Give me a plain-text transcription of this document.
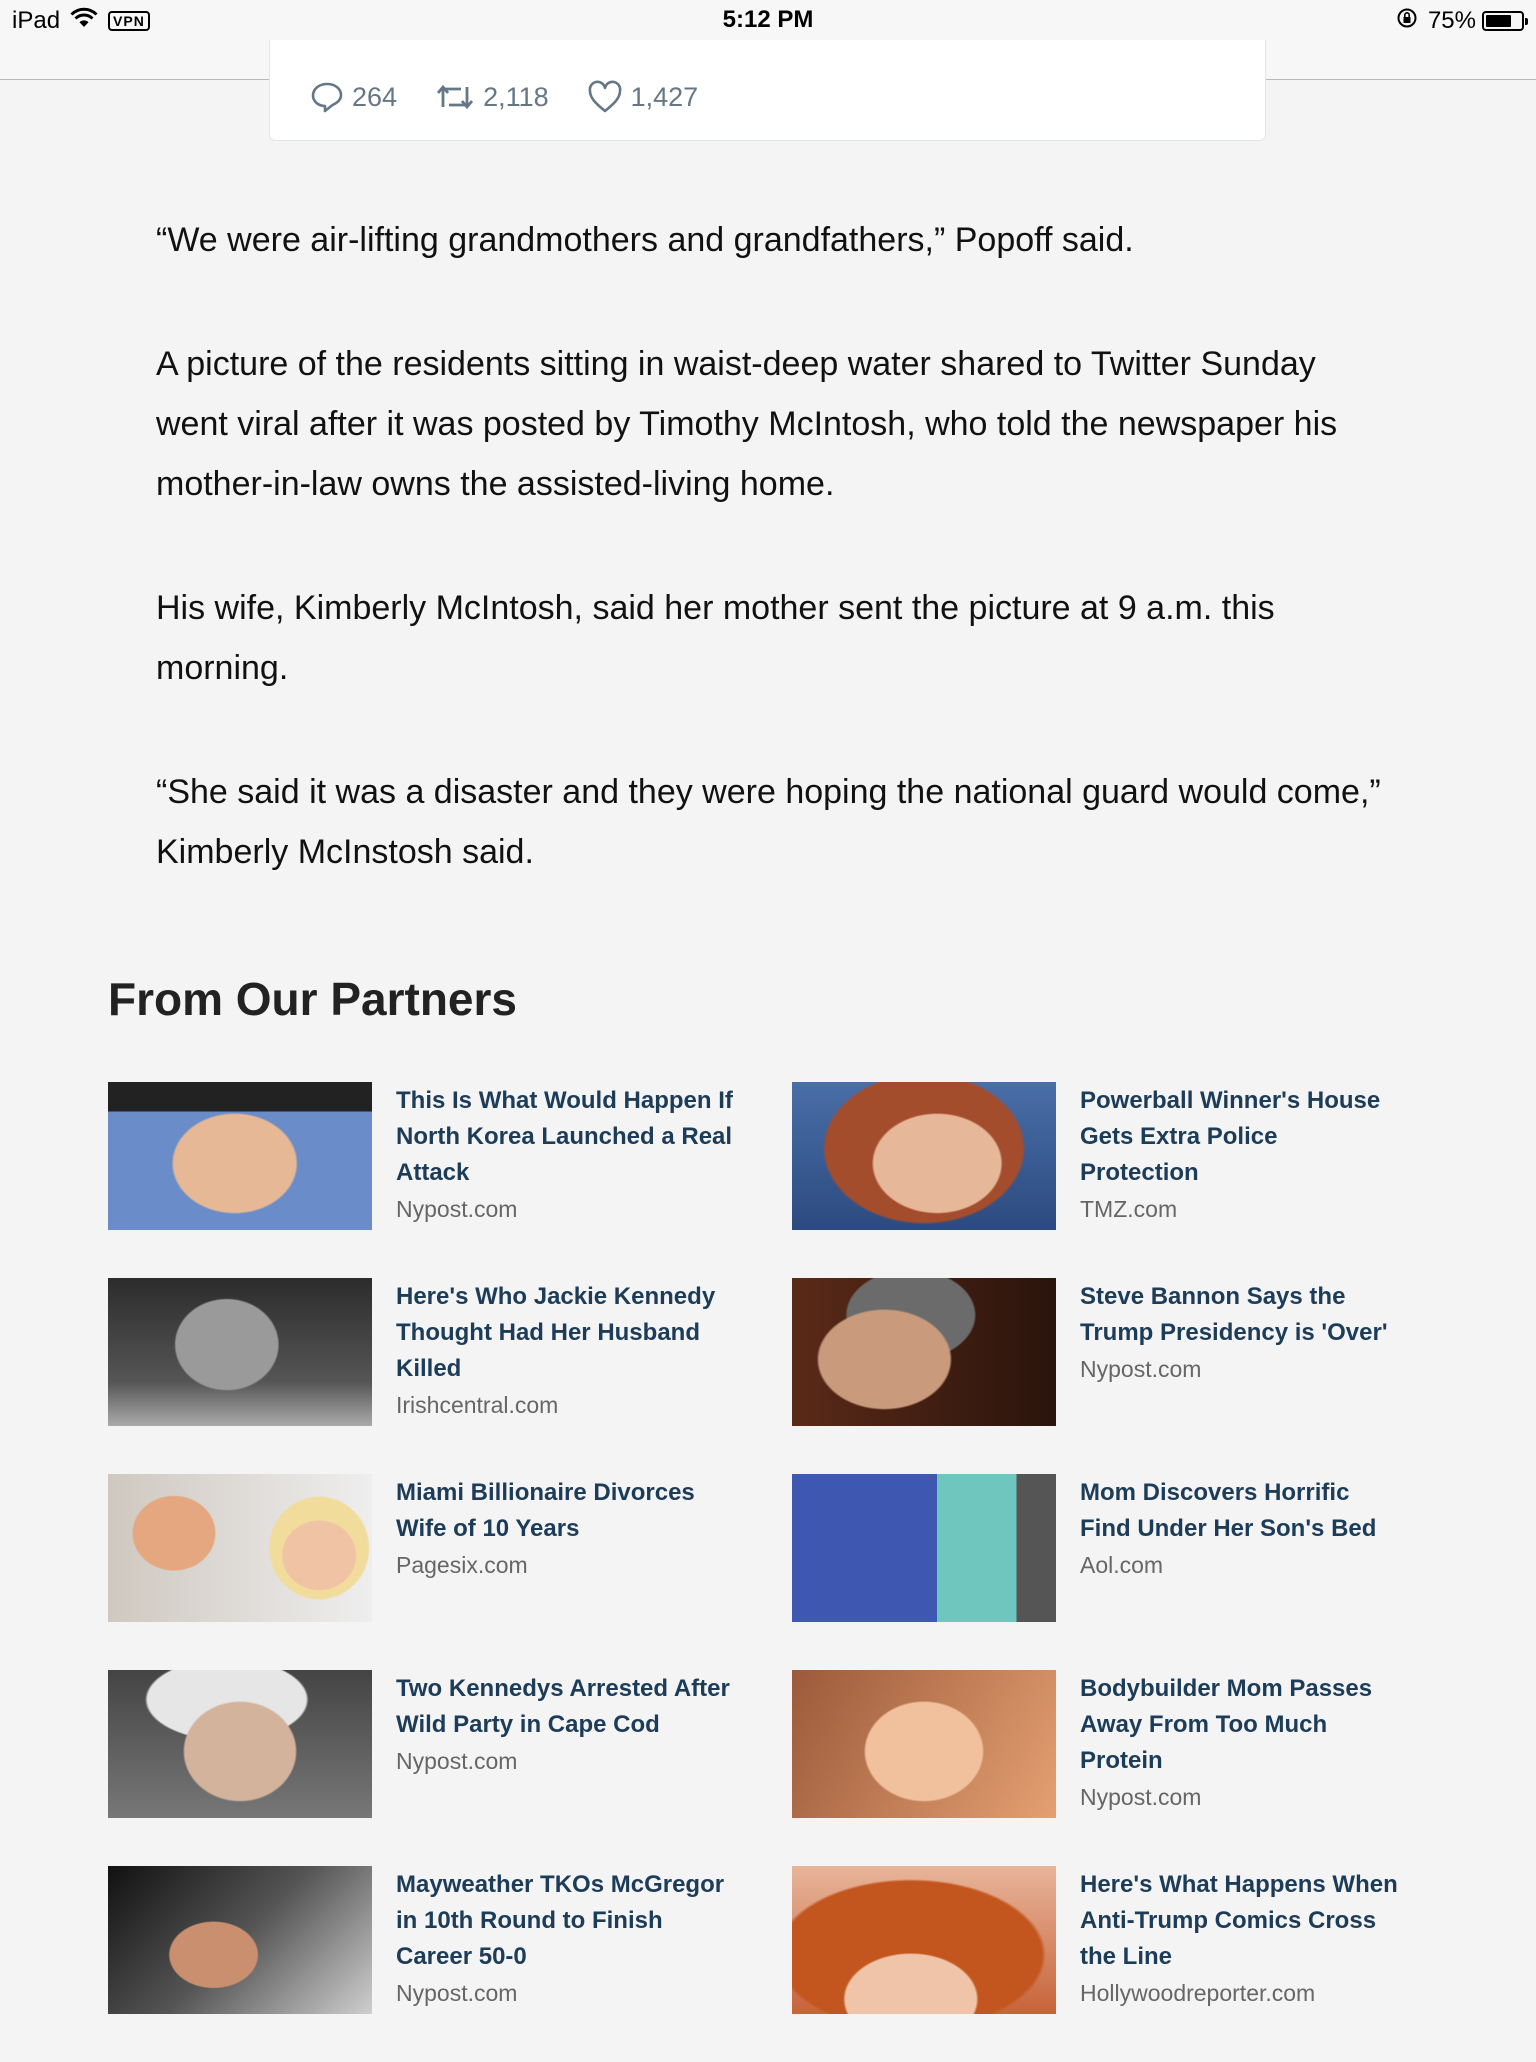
iPad	VPN	5:12 PM	75%
264	2,118	1,427

“We were air-lifting grandmothers and grandfathers,” Popoff said.

A picture of the residents sitting in waist-deep water shared to Twitter Sunday went viral after it was posted by Timothy McIntosh, who told the newspaper his mother-in-law owns the assisted-living home.

His wife, Kimberly McIntosh, said her mother sent the picture at 9 a.m. this morning.

“She said it was a disaster and they were hoping the national guard would come,” Kimberly McInstosh said.

From Our Partners
This Is What Would Happen If North Korea Launched a Real Attack
Nypost.com
Powerball Winner's House Gets Extra Police Protection
TMZ.com
Here's Who Jackie Kennedy Thought Had Her Husband Killed
Irishcentral.com
Steve Bannon Says the Trump Presidency is 'Over'
Nypost.com
Miami Billionaire Divorces Wife of 10 Years
Pagesix.com
Mom Discovers Horrific Find Under Her Son's Bed
Aol.com
Two Kennedys Arrested After Wild Party in Cape Cod
Nypost.com
Bodybuilder Mom Passes Away From Too Much Protein
Nypost.com
Mayweather TKOs McGregor in 10th Round to Finish Career 50-0
Nypost.com
Here's What Happens When Anti-Trump Comics Cross the Line
Hollywoodreporter.com
